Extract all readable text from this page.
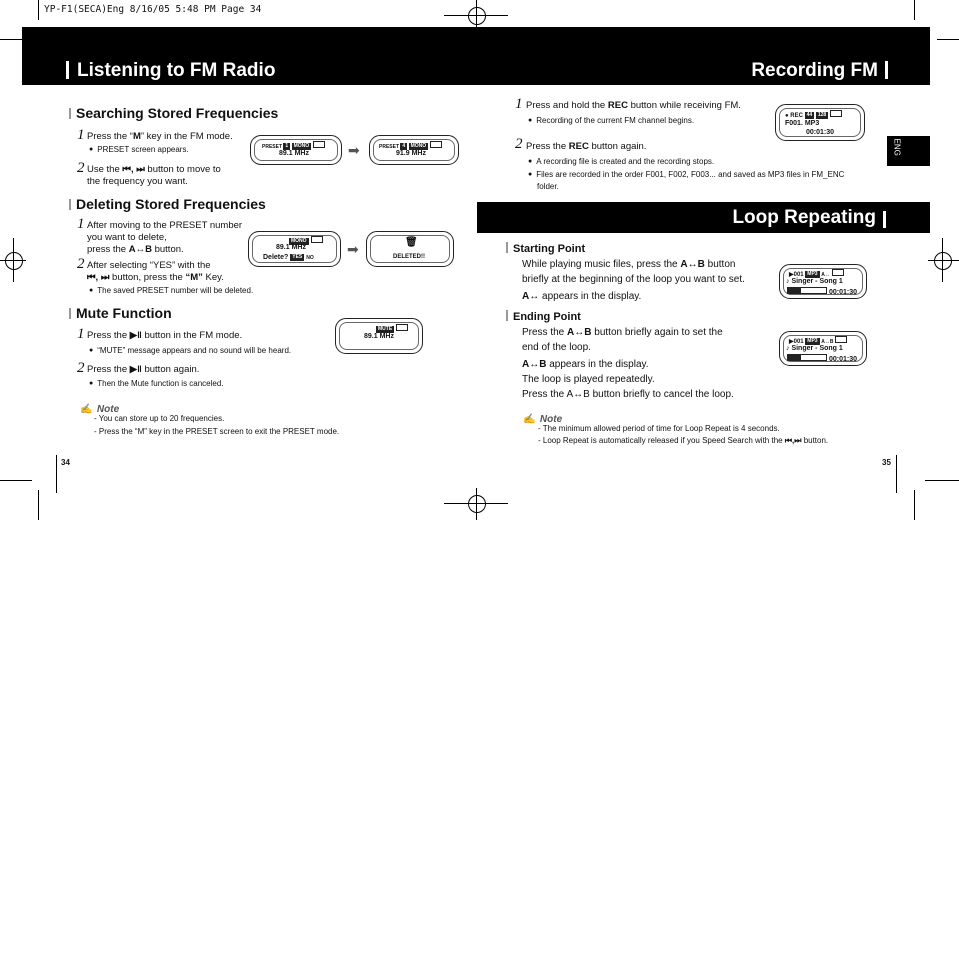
YP-F1(SECA)Eng 8/16/05 5:48 PM Page 34
Listening to FM Radio	Recording FM
ENG
Searching Stored Frequencies
1 Press the “M” key in the FM mode.
● PRESET screen appears.
2 Use the ⏮, ⏭ button to move to
the frequency you want.
PRESET 1 MONO
89.1 MHz	➡	PRESET 4 MONO
91.9 MHz
Deleting Stored Frequencies
1 After moving to the PRESET number
you want to delete,
press the A↔B button.
2 After selecting “YES” with the
⏮, ⏭ button, press the “M” Key.
● The saved PRESET number will be deleted.
MONO
89.1 MHz
Delete? YES NO
➡	🗑
DELETED!!
Mute Function
1 Press the ▶‖ button in the FM mode.
● “MUTE” message appears and no sound will be heard.
2 Press the ▶‖ button again.
● Then the Mute function is canceled.
MUTE
89.1 MHz
✍ Note
- You can store up to 20 frequencies.
- Press the “M” key in the PRESET screen to exit the PRESET mode.
34
1 Press and hold the REC button while receiving FM.
● Recording of the current FM channel begins.
2 Press the REC button again.
● A recording file is created and the recording stops.
● Files are recorded in the order F001, F002, F003... and saved as MP3 files in FM_ENC
folder.
● REC 44 128
F001. MP3
00:01:30
Loop Repeating
Starting Point
While playing music files, press the A↔B button
briefly at the beginning of the loop you want to set.
A↔ appears in the display.
▶001 MP3 A↔
♪ Singer - Song 1
00:01:30
Ending Point
Press the A↔B button briefly again to set the
end of the loop.
A↔B appears in the display.
The loop is played repeatedly.
Press the A↔B button briefly to cancel the loop.
▶001 MP3 A↔B
♪ Singer - Song 1
00:01:30
✍ Note
- The minimum allowed period of time for Loop Repeat is 4 seconds.
- Loop Repeat is automatically released if you Speed Search with the ⏮,⏭ button.
35
